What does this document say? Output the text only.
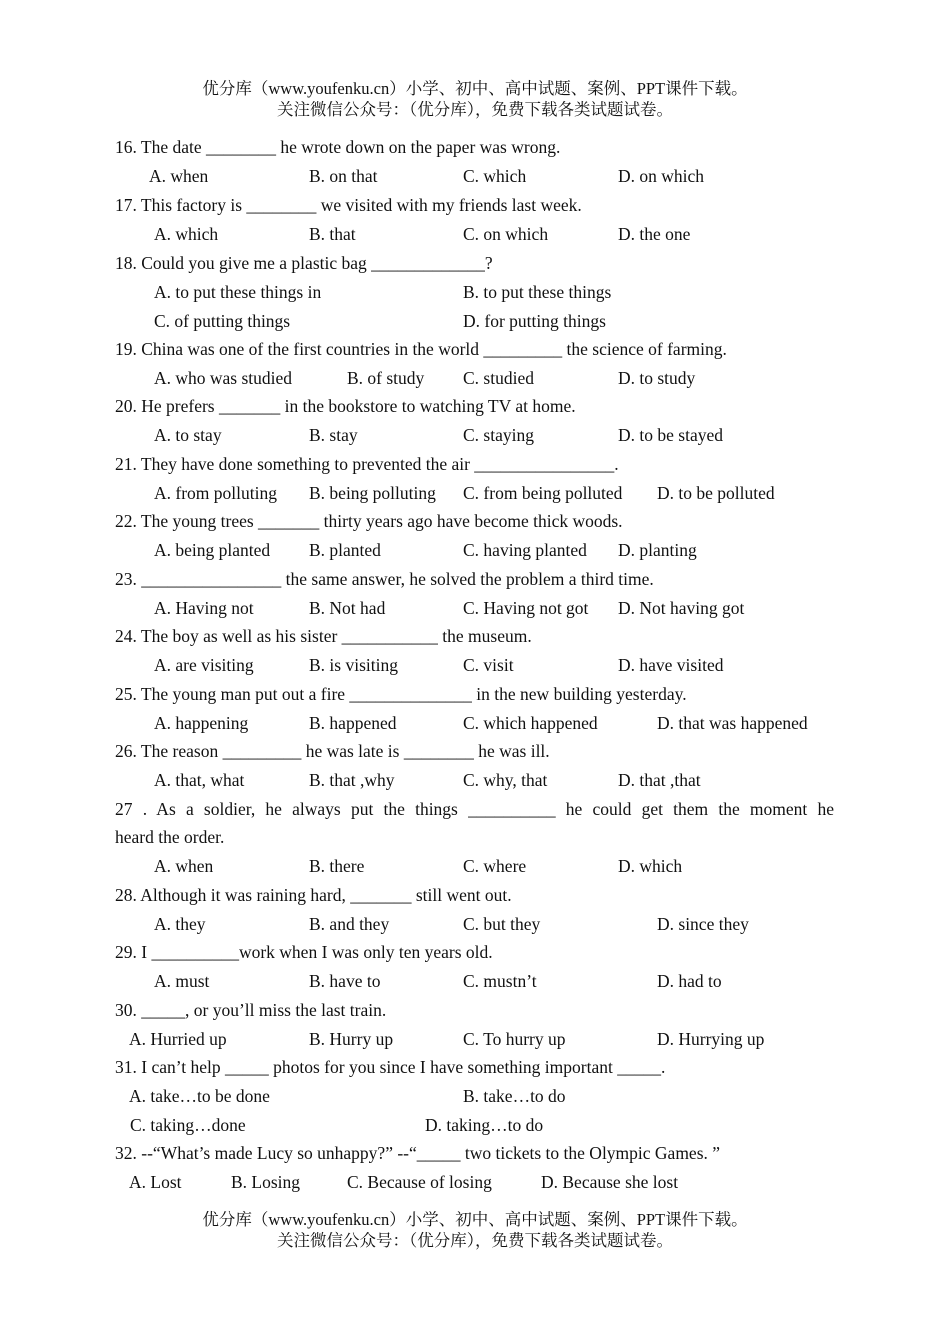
优分库（www.youfenku.cn）小学、初中、高中试题、案例、PPT课件下载。
关注微信公众号：（优分库），免费下载各类试题试卷。
16. The date ________ he wrote down on the paper was wrong.
A. when	B. on that	C. which	D. on which
17. This factory is ________ we visited with my friends last week.
A. which	B. that	C. on which	D. the one
18. Could you give me a plastic bag _____________?
A. to put these things in	B. to put these things
C. of putting things	D. for putting things
19. China was one of the first countries in the world _________ the science of farming.
A. who was studied	B. of study C. studied	D. to study
20. He prefers _______ in the bookstore to watching TV at home.
A. to stay	B. stay	C. staying	D. to be stayed
21. They have done something to prevented the air ________________.
A. from polluting B. being polluting C. from being polluted D. to be polluted
22. The young trees _______ thirty years ago have become thick woods.
A. being planted B. planted	C. having planted D. planting
23. ________________ the same answer, he solved the problem a third time.
A. Having not	B. Not had	C. Having not got D. Not having got
24. The boy as well as his sister ___________ the museum.
A. are visiting	B. is visiting	C. visit	D. have visited
25. The young man put out a fire ______________ in the new building yesterday.
A. happening	B. happened	C. which happened	D. that was happened
26. The reason _________ he was late is ________ he was ill.
A. that, what	B. that ,why	C. why, that	D. that ,that
27 . As a soldier, he always put the things __________ he could get them the moment he
heard the order.
A. when	B. there	C. where	D. which
28. Although it was raining hard, _______ still went out.
A. they	B. and they	C. but they	D. since they
29. I __________work when I was only ten years old.
A. must	B. have to	C. mustn’t	D. had to
30. _____, or you’ll miss the last train.
A. Hurried up	B. Hurry up	C. To hurry up	D. Hurrying up
31. I can’t help _____ photos for you since I have something important _____.
A. take…to be done	B. take…to do
C. taking…done	D. taking…to do
32. --“What’s made Lucy so unhappy?” --“_____ two tickets to the Olympic Games. ”
A. Lost	B. Losing	C. Because of losing	D. Because she lost
优分库（www.youfenku.cn）小学、初中、高中试题、案例、PPT课件下载。
关注微信公众号：（优分库），免费下载各类试题试卷。
